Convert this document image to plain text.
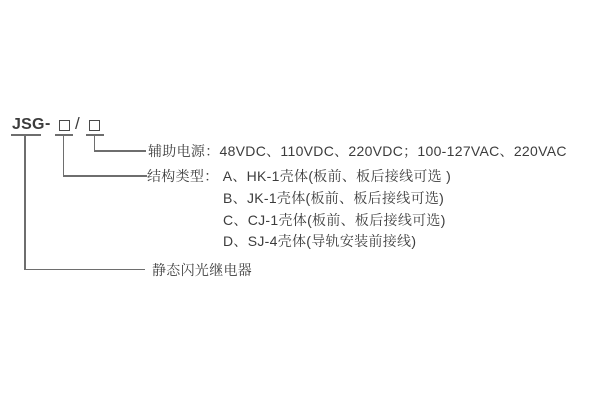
JSG - /
辅助电源：48VDC、110VDC、220VDC；100-127VAC、220VAC
结构类型： A、HK-1壳体(板前、板后接线可选 )
B、JK-1壳体(板前、板后接线可选)
C、CJ-1壳体(板前、板后接线可选)
D、SJ-4壳体(导轨安装前接线)
静态闪光继电器
